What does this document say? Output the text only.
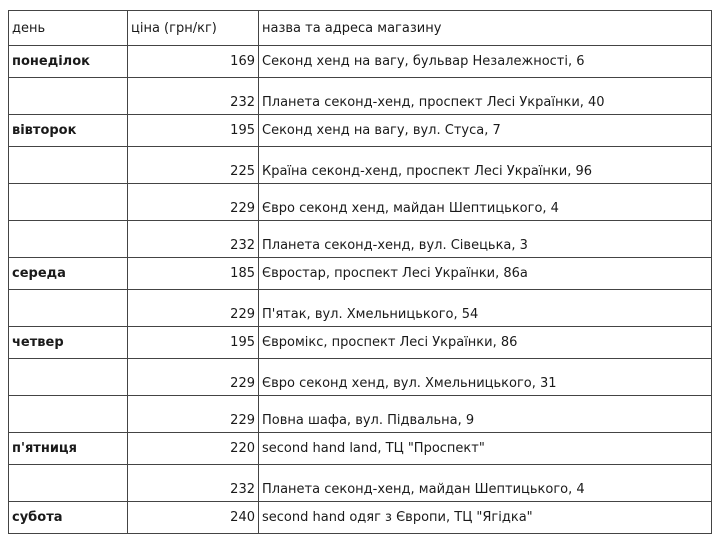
день	ціна (грн/кг)	назва та адреса магазину
понеділок	169	Секонд хенд на вагу, бульвар Незалежності, 6
	232	Планета секонд-хенд, проспект Лесі Українки, 40
вівторок	195	Секонд хенд на вагу, вул. Стуса, 7
	225	Країна секонд-хенд, проспект Лесі Українки, 96
	229	Євро секонд хенд, майдан Шептицького, 4
	232	Планета секонд-хенд, вул. Сівецька, 3
середа	185	Євростар, проспект Лесі Українки, 86а
	229	П'ятак, вул. Хмельницького, 54
четвер	195	Євромікс, проспект Лесі Українки, 86
	229	Євро секонд хенд, вул. Хмельницького, 31
	229	Повна шафа, вул. Підвальна, 9
п'ятниця	220	second hand land, ТЦ "Проспект"
	232	Планета секонд-хенд, майдан Шептицького, 4
субота	240	second hand одяг з Європи, ТЦ "Ягідка"
